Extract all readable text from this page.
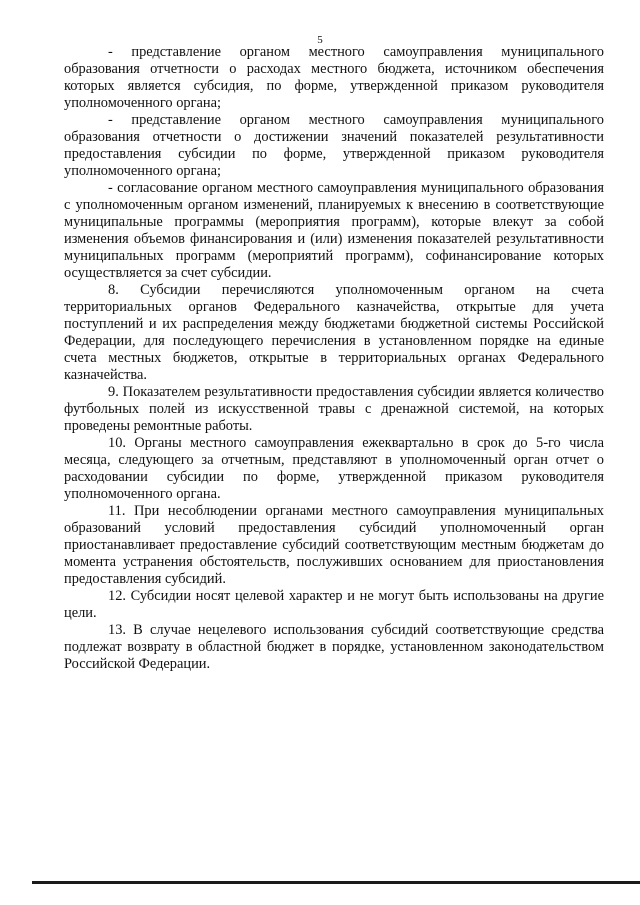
5

- представление органом местного самоуправления муниципального образования отчетности о расходах местного бюджета, источником обеспечения которых является субсидия, по форме, утвержденной приказом руководителя уполномоченного органа;

- представление органом местного самоуправления муниципального образования отчетности о достижении значений показателей результативности предоставления субсидии по форме, утвержденной приказом руководителя уполномоченного органа;

- согласование органом местного самоуправления муниципального образования с уполномоченным органом изменений, планируемых к внесению в соответствующие муниципальные программы (мероприятия программ), которые влекут за собой изменения объемов финансирования и (или) изменения показателей результативности муниципальных программ (мероприятий программ), софинансирование которых осуществляется за счет субсидии.

8. Субсидии перечисляются уполномоченным органом на счета территориальных органов Федерального казначейства, открытые для учета поступлений и их распределения между бюджетами бюджетной системы Российской Федерации, для последующего перечисления в установленном порядке на единые счета местных бюджетов, открытые в территориальных органах Федерального казначейства.

9. Показателем результативности предоставления субсидии является количество футбольных полей из искусственной травы с дренажной системой, на которых проведены ремонтные работы.

10. Органы местного самоуправления ежеквартально в срок до 5-го числа месяца, следующего за отчетным, представляют в уполномоченный орган отчет о расходовании субсидии по форме, утвержденной приказом руководителя уполномоченного органа.

11. При несоблюдении органами местного самоуправления муниципальных образований условий предоставления субсидий уполномоченный орган приостанавливает предоставление субсидий соответствующим местным бюджетам до момента устранения обстоятельств, послуживших основанием для приостановления предоставления субсидий.

12. Субсидии носят целевой характер и не могут быть использованы на другие цели.

13. В случае нецелевого использования субсидий соответствующие средства подлежат возврату в областной бюджет в порядке, установленном законодательством Российской Федерации.
